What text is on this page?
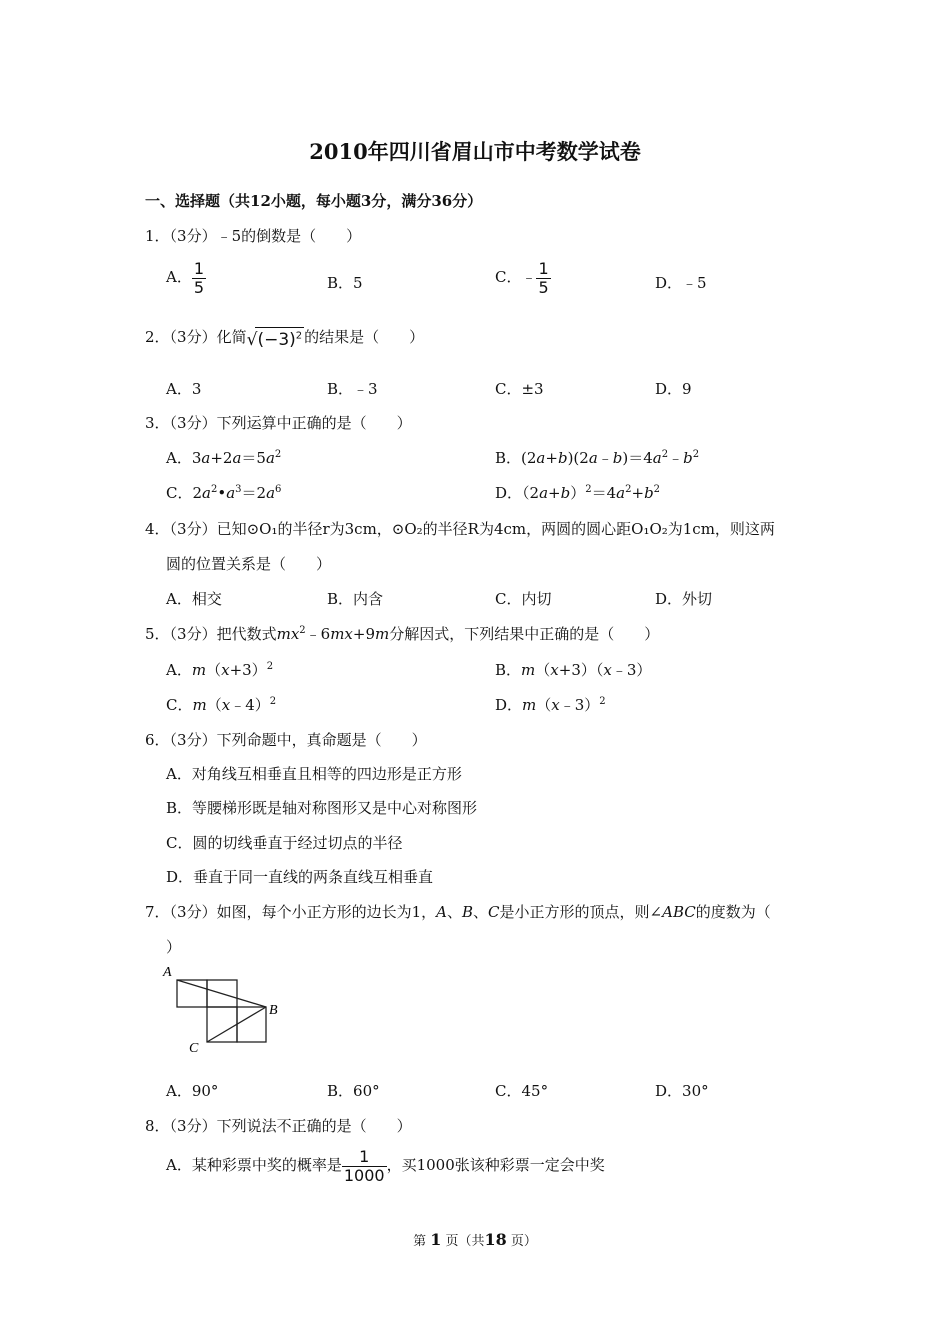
2010年四川省眉山市中考数学试卷
一、选择题（共12小题，每小题3分，满分36分）
1．（3分）﹣5的倒数是（　　）
A． $\frac{1}{5}$	B．5	C．﹣ $\frac{1}{5}$	D．﹣5
2．（3分）化简$√(-3)^2$ 的结果是（　　）
A．3	B．﹣3	C．±3	D．9
3．（3分）下列运算中正确的是（　　）
A．$3a+2a=5a^2$	B．$(2a+b)(2a﹣b)=4a^2﹣b^2$
C．$2a^2•a^3=2a^6$	D．$(2a+b)^2=4a^2+b^2$
4．（3分）已知⊙O₁的半径r为3cm，⊙O₂的半径R为4cm，两圆的圆心距O₁O₂为1cm，则这两
圆的位置关系是（　　）
A．相交	B．内含	C．内切	D．外切
5．（3分）把代数式$mx^2﹣6mx+9m$分解因式，下列结果中正确的是（　　）
A．$m(x+3)^2$	B．m（x+3）（x﹣3）
C．m（x﹣4）$^2$	D．m（x﹣3）$^2$
6．（3分）下列命题中，真命题是（　　）
A．对角线互相垂直且相等的四边形是正方形
B．等腰梯形既是轴对称图形又是中心对称图形
C．圆的切线垂直于经过切点的半径
D．垂直于同一直线的两条直线互相垂直
7．（3分）如图，每个小正方形的边长为1，A、B、C是小正方形的顶点，则∠ABC的度数为（
）
A
B
C
A．90°	B．60°	C．45°	D．30°
8．（3分）下列说法不正确的是（　　）
A．某种彩票中奖的概率是 $\frac{1}{1000}$ ，买1000张该种彩票一定会中奖
第 1 页（共18 页）
